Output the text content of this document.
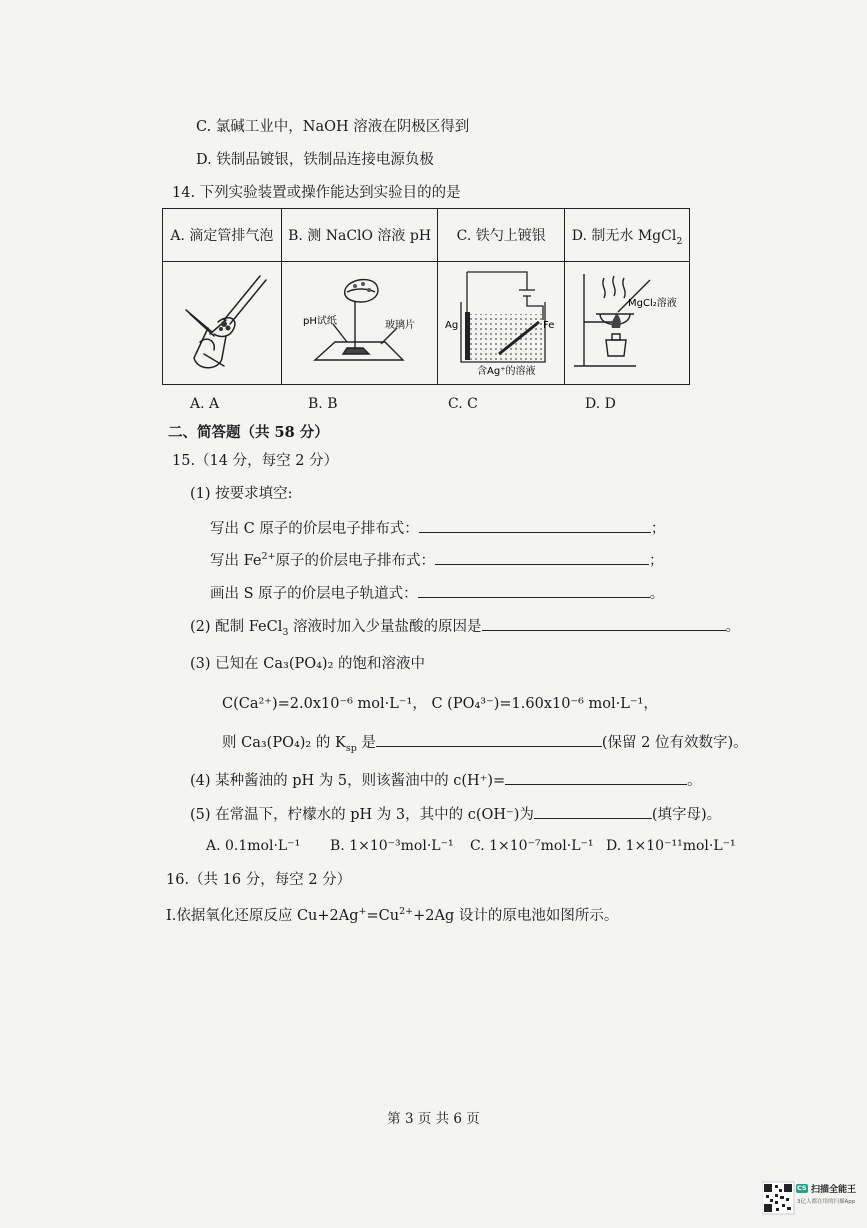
C. 氯碱工业中，NaOH 溶液在阴极区得到
D. 铁制品镀银，铁制品连接电源负极
14. 下列实验装置或操作能达到实验目的的是
A. 滴定管排气泡	B. 测 NaClO 溶液 pH	C. 铁勺上镀银	D. 制无水 MgCl$_2$

pH试纸 玻璃片	Ag Fe
含Ag⁺的溶液	MgCl₂溶液
A. A	B. B	C. C	D. D
二、简答题（共 58 分）
15.（14 分，每空 2 分）
(1) 按要求填空:
写出 C 原子的价层电子排布式：	；
写出 $Fe^{2+}$原子的价层电子排布式：	；
画出 S 原子的价层电子轨道式：	。
(2) 配制 FeCl$_3$ 溶液时加入少量盐酸的原因是	。
(3) 已知在 Ca₃(PO₄)₂ 的饱和溶液中
C(Ca²⁺)=2.0x10⁻⁶ mol·L⁻¹， C (PO₄³⁻)=1.60x10⁻⁶ mol·L⁻¹，
则 Ca₃(PO₄)₂ 的 $K_{sp}$ 是	(保留 2 位有效数字)。
(4) 某种酱油的 pH 为 5，则该酱油中的 c(H⁺)=	。
(5) 在常温下，柠檬水的 pH 为 3，其中的 c(OH⁻)为	(填字母)。
A. 0.1mol·L⁻¹ B. 1×10⁻³mol·L⁻¹ C. 1×10⁻⁷mol·L⁻¹ D. 1×10⁻¹¹mol·L⁻¹
16.（共 16 分，每空 2 分）
Ⅰ.依据氧化还原反应 $Cu+2Ag^+=Cu^{2+}+2Ag$ 设计的原电池如图所示。
第 3 页 共 6 页
CS 扫描全能王
3亿人都在用的扫描App
